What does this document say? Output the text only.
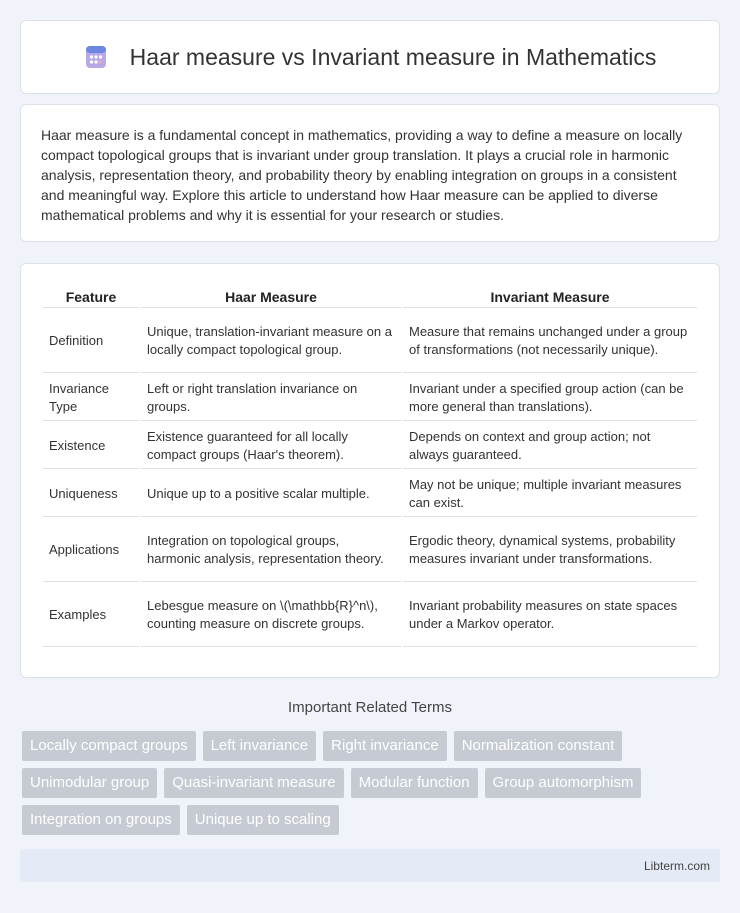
Haar measure vs Invariant measure in Mathematics

Haar measure is a fundamental concept in mathematics, providing a way to define a measure on locally compact topological groups that is invariant under group translation. It plays a crucial role in harmonic analysis, representation theory, and probability theory by enabling integration on groups in a consistent and meaningful way. Explore this article to understand how Haar measure can be applied to diverse mathematical problems and why it is essential for your research or studies.

Feature	Haar Measure	Invariant Measure
Definition	Unique, translation-invariant measure on a locally compact topological group.	Measure that remains unchanged under a group of transformations (not necessarily unique).
Invariance Type	Left or right translation invariance on groups.	Invariant under a specified group action (can be more general than translations).
Existence	Existence guaranteed for all locally compact groups (Haar's theorem).	Depends on context and group action; not always guaranteed.
Uniqueness	Unique up to a positive scalar multiple.	May not be unique; multiple invariant measures can exist.
Applications	Integration on topological groups, harmonic analysis, representation theory.	Ergodic theory, dynamical systems, probability measures invariant under transformations.
Examples	Lebesgue measure on \(\mathbb{R}^n\), counting measure on discrete groups.	Invariant probability measures on state spaces under a Markov operator.
Important Related Terms
Locally compact groups	Left invariance	Right invariance	Normalization constant
Unimodular group	Quasi-invariant measure	Modular function	Group automorphism
Integration on groups	Unique up to scaling
Libterm.com
